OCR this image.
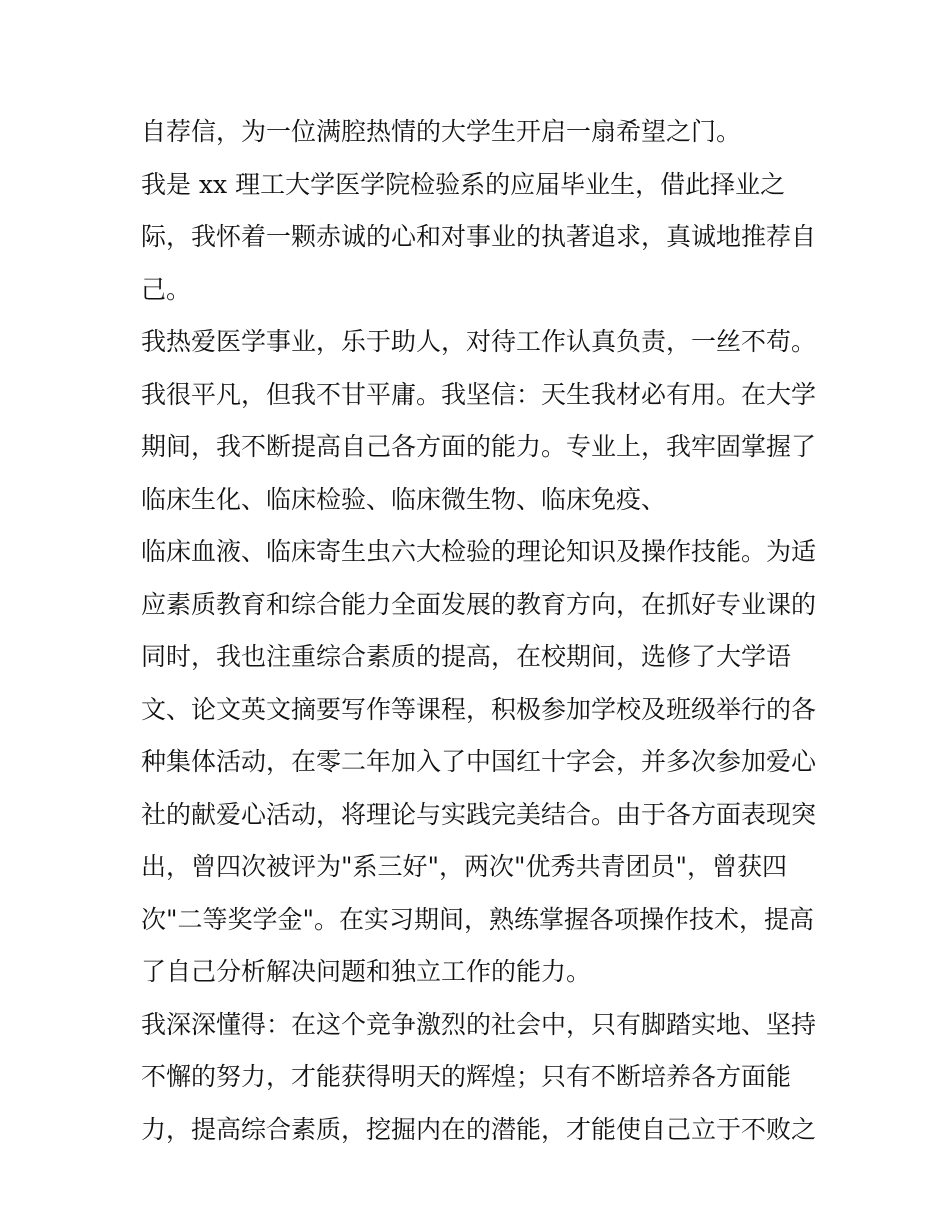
自荐信，为一位满腔热情的大学生开启一扇希望之门。
我是 xx 理工大学医学院检验系的应届毕业生，借此择业之
际，我怀着一颗赤诚的心和对事业的执著追求，真诚地推荐自
己。
我热爱医学事业，乐于助人，对待工作认真负责，一丝不苟。
我很平凡，但我不甘平庸。我坚信：天生我材必有用。在大学
期间，我不断提高自己各方面的能力。专业上，我牢固掌握了
临床生化、临床检验、临床微生物、临床免疫、
临床血液、临床寄生虫六大检验的理论知识及操作技能。为适
应素质教育和综合能力全面发展的教育方向，在抓好专业课的
同时，我也注重综合素质的提高，在校期间，选修了大学语
文、论文英文摘要写作等课程，积极参加学校及班级举行的各
种集体活动，在零二年加入了中国红十字会，并多次参加爱心
社的献爱心活动，将理论与实践完美结合。由于各方面表现突
出，曾四次被评为"系三好"，两次"优秀共青团员"，曾获四
次"二等奖学金"。在实习期间，熟练掌握各项操作技术，提高
了自己分析解决问题和独立工作的能力。
我深深懂得：在这个竞争激烈的社会中，只有脚踏实地、坚持
不懈的努力，才能获得明天的辉煌；只有不断培养各方面能
力，提高综合素质，挖掘内在的潜能，才能使自己立于不败之
